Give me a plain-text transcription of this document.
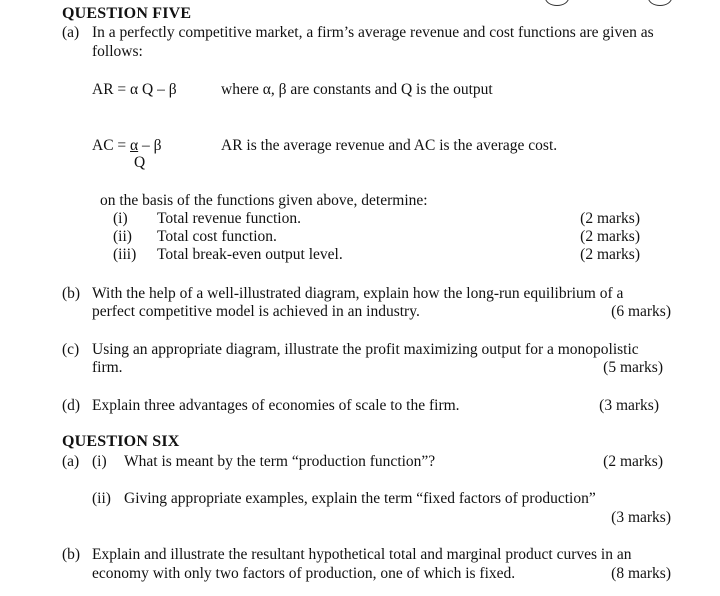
QUESTION FIVE
(a) In a perfectly competitive market, a firm’s average revenue and cost functions are given as
follows:
AR = α Q – β	where α, β are constants and Q is the output
AC = α – β
Q
AR is the average revenue and AC is the average cost.
on the basis of the functions given above, determine:
(i) Total revenue function.	(2 marks)
(ii) Total cost function.	(2 marks)
(iii) Total break-even output level.	(2 marks)
(b) With the help of a well-illustrated diagram, explain how the long-run equilibrium of a
perfect competitive model is achieved in an industry.	(6 marks)
(c) Using an appropriate diagram, illustrate the profit maximizing output for a monopolistic
firm.	(5 marks)
(d) Explain three advantages of economies of scale to the firm.	(3 marks)
QUESTION SIX
(a) (i) What is meant by the term “production function”?	(2 marks)
(ii) Giving appropriate examples, explain the term “fixed factors of production”
(3 marks)
(b) Explain and illustrate the resultant hypothetical total and marginal product curves in an
economy with only two factors of production, one of which is fixed.	(8 marks)
